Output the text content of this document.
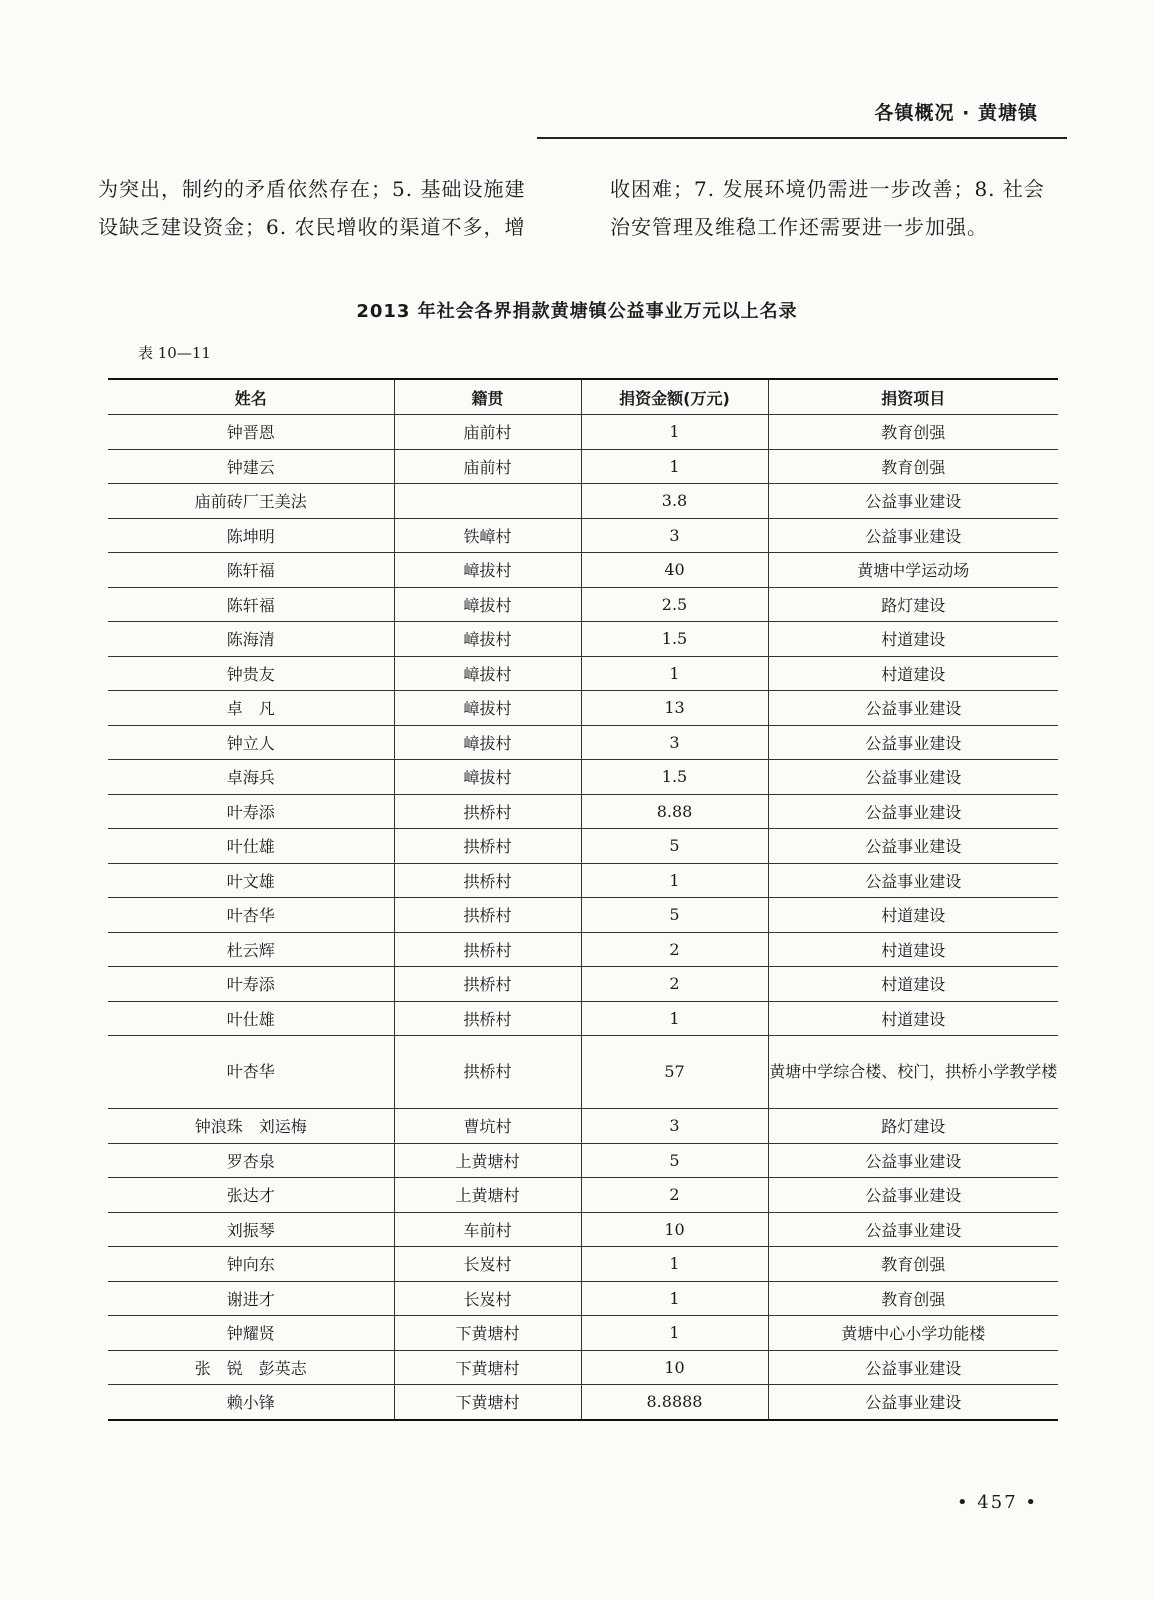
各镇概况 · 黄塘镇
为突出，制约的矛盾依然存在；5. 基础设施建
设缺乏建设资金；6. 农民增收的渠道不多，增
收困难；7. 发展环境仍需进一步改善；8. 社会
治安管理及维稳工作还需要进一步加强。
2013 年社会各界捐款黄塘镇公益事业万元以上名录
表 10—11
姓名	籍贯	捐资金额(万元)	捐资项目
钟晋恩	庙前村	1	教育创强
钟建云	庙前村	1	教育创强
庙前砖厂王美法		3.8	公益事业建设
陈坤明	铁嶂村	3	公益事业建设
陈轩福	嶂拔村	40	黄塘中学运动场
陈轩福	嶂拔村	2.5	路灯建设
陈海清	嶂拔村	1.5	村道建设
钟贵友	嶂拔村	1	村道建设
卓　凡	嶂拔村	13	公益事业建设
钟立人	嶂拔村	3	公益事业建设
卓海兵	嶂拔村	1.5	公益事业建设
叶寿添	拱桥村	8.88	公益事业建设
叶仕雄	拱桥村	5	公益事业建设
叶文雄	拱桥村	1	公益事业建设
叶杏华	拱桥村	5	村道建设
杜云辉	拱桥村	2	村道建设
叶寿添	拱桥村	2	村道建设
叶仕雄	拱桥村	1	村道建设
叶杏华	拱桥村	57	黄塘中学综合楼、校门，拱桥小学教学楼
钟浪珠　刘运梅	曹坑村	3	路灯建设
罗杏泉	上黄塘村	5	公益事业建设
张达才	上黄塘村	2	公益事业建设
刘振琴	车前村	10	公益事业建设
钟向东	长岌村	1	教育创强
谢进才	长岌村	1	教育创强
钟耀贤	下黄塘村	1	黄塘中心小学功能楼
张　锐　彭英志	下黄塘村	10	公益事业建设
赖小锋	下黄塘村	8.8888	公益事业建设
• 457 •
